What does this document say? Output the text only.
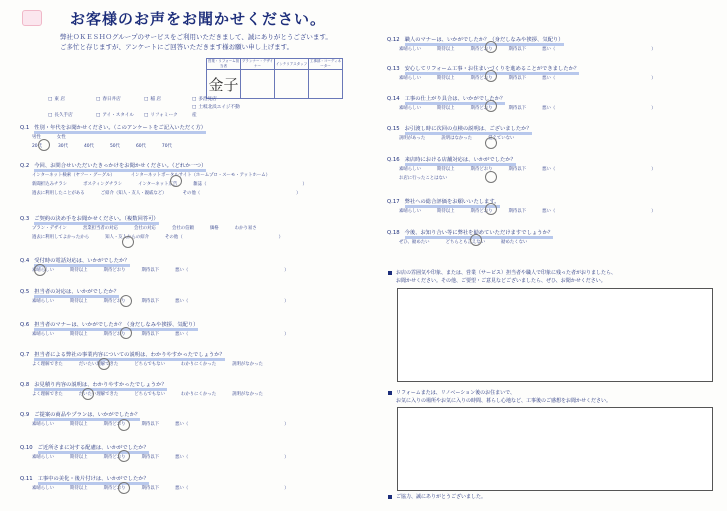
お客様のお声をお聞かせください。
弊社ＯＫＥＳＨＯグループのサービスをご利用いただきまして、誠にありがとうございます。
ご多忙と存じますが、アンケートにご回答いただきます様お願い申し上げます。
営業・リフォーム担当者	プランナー・デザイナー	インテリアスタッフ	工事部・コーディネーター
金子			
□ 東 店	□ 春日井店	□ 稲 店	□ 多治見店
□ 長久手店	□ アイ・スタイル	□ リフォミーク□ 土岐北浜エイジ不動産
Q.1 性別・年代をお聞かせください。（このアンケートをご記入いただく方）
男性	女性
20代	30代	40代	50代	60代	70代
Q.2 今回、お問合せいただいたきっかけをお聞かせください。（どれか一つ）
インターネット検索（ヤフー・グーグル）	インターネットポータルサイト（ホームプロ・スーモ・アットホーム）
新聞折込みチラシ	ポスティングチラシ	インターネット広告	雑誌（	）
過去に利用したことがある	ご紹介（知人・友人・親戚など）	その他（	）
Q.3 ご契約の決め手をお聞かせください。（複数回答可）
プラン・デザイン	営業担当者の対応	会社の対応	会社の信頼	価格	わかり易さ
過去に利用してよかったから	知人・友人からの紹介	その他（	）
Q.4 受付時の電話対応は、いかがでしたか？
素晴らしい	期待以上	期待どおり	期待以下	悪い（	）
Q.5 担当者の対応は、いかがでしたか？
素晴らしい	期待以上	期待どおり	期待以下	悪い（	）
Q.6 担当者のマナーは、いかがでしたか？（身だしなみや挨拶、気配り）
素晴らしい	期待以上	期待どおり	期待以下	悪い（	）
Q.7 担当者による弊社の事業内容についての説明は、わかりやすかったでしょうか？
よく理解できた	だいたい理解できた	どちらでもない	わかりにくかった	説明がなかった
Q.8 お見積り内容の説明は、わかりやすかったでしょうか？
よく理解できた	だいたい理解できた	どちらでもない	わかりにくかった	説明がなかった
Q.9 ご提案の商品やプランは、いかがでしたか？
素晴らしい	期待以上	期待どおり	期待以下	悪い（	）
Q.10 ご近所さまに対する配慮は、いかがでしたか？
素晴らしい	期待以上	期待どおり	期待以下	悪い（	）
Q.11 工事中の美化・後片付けは、いかがでしたか？
素晴らしい	期待以上	期待どおり	期待以下	悪い（	）
Q.12 職人のマナーは、いかがでしたか？（身だしなみや挨拶、気配り）
素晴らしい	期待以上	期待どおり	期待以下	悪い（	）
Q.13 安心してリフォーム工事・お住まいづくりを進めることができましたか？
素晴らしい	期待以上	期待どおり	期待以下	悪い（	）
Q.14 工事の仕上がり具合は、いかがでしたか？
素晴らしい	期待以上	期待どおり	期待以下	悪い（	）
Q.15 お引渡し時に次回の点検の説明は、ございましたか？
説明があった	説明はなかった	覚えていない
Q.16 来店時における店舗対応は、いかがでしたか？
素晴らしい	期待以上	期待どおり	期待以下	悪い（	）
お店に行ったことはない
Q.17 弊社への総合評価をお願いいたします。
素晴らしい	期待以上	期待どおり	期待以下	悪い（	）
Q.18 今後、お知り合い等に弊社を勧めていただけますでしょうか？
ぜひ、勧めたい	どちらとも言えない	勧めたくない
お店の雰囲気や印象、または、営業（サービス）担当者や職人で印象に残った者がおりましたら、
お聞かせください。その他、ご要望・ご意見などございましたら、ぜひ、お聞かせください。
リフォームまたは、リノベーション後のお住まいで、
お気に入りの場所やお気に入りの時間、暮らし心地など、工事後のご感想をお聞かせください。
ご協力、誠にありがとうございました。
